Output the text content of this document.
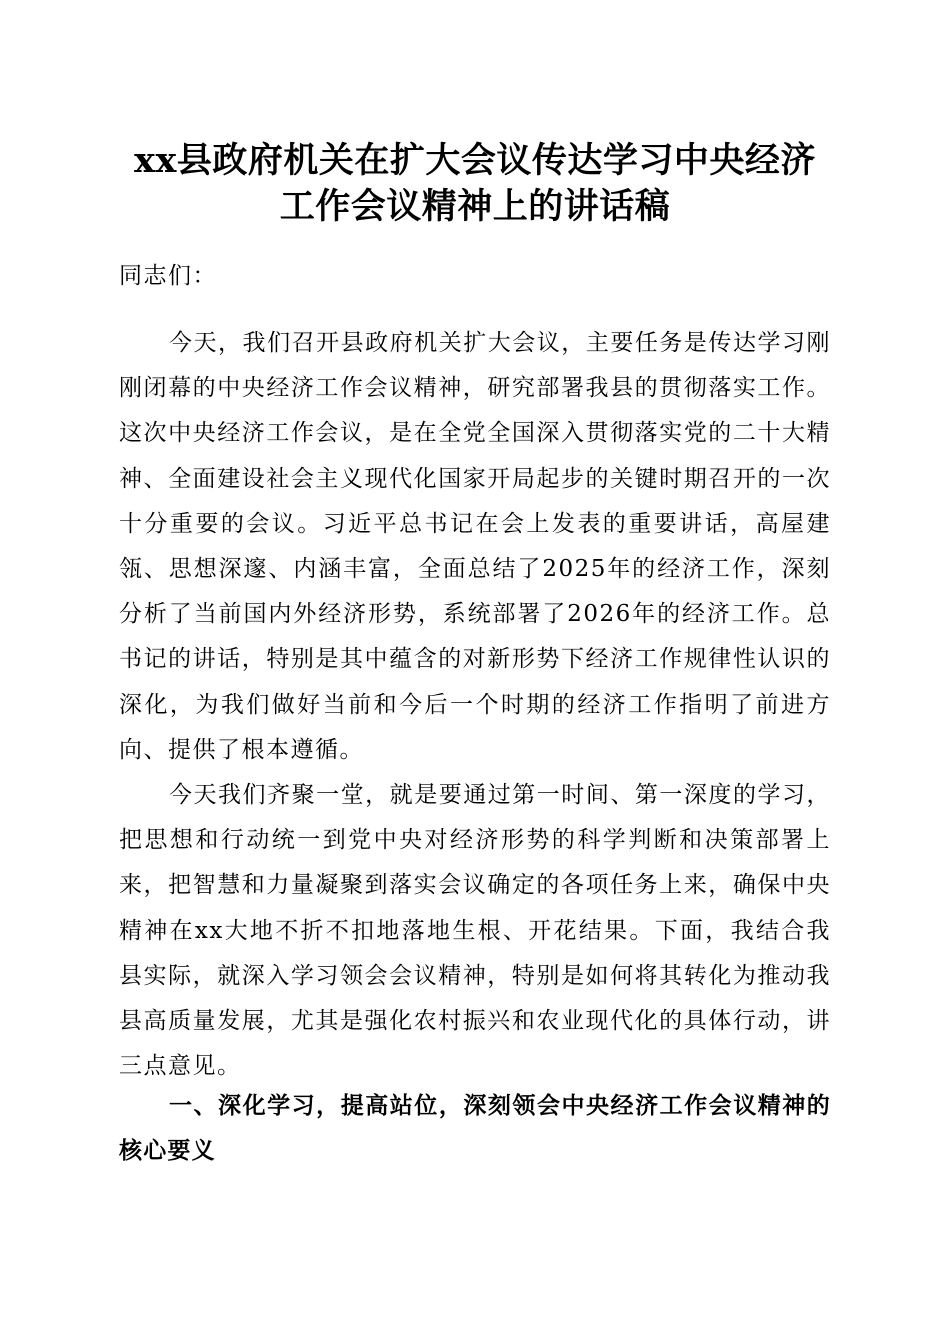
xx县政府机关在扩大会议传达学习中央经济
工作会议精神上的讲话稿

同志们：

今天，我们召开县政府机关扩大会议，主要任务是传达学习刚刚闭幕的中央经济工作会议精神，研究部署我县的贯彻落实工作。这次中央经济工作会议，是在全党全国深入贯彻落实党的二十大精神、全面建设社会主义现代化国家开局起步的关键时期召开的一次十分重要的会议。习近平总书记在会上发表的重要讲话，高屋建瓴、思想深邃、内涵丰富，全面总结了2025年的经济工作，深刻分析了当前国内外经济形势，系统部署了2026年的经济工作。总书记的讲话，特别是其中蕴含的对新形势下经济工作规律性认识的深化，为我们做好当前和今后一个时期的经济工作指明了前进方向、提供了根本遵循。

今天我们齐聚一堂，就是要通过第一时间、第一深度的学习，把思想和行动统一到党中央对经济形势的科学判断和决策部署上来，把智慧和力量凝聚到落实会议确定的各项任务上来，确保中央精神在xx大地不折不扣地落地生根、开花结果。下面，我结合我县实际，就深入学习领会会议精神，特别是如何将其转化为推动我县高质量发展，尤其是强化农村振兴和农业现代化的具体行动，讲三点意见。

一、深化学习，提高站位，深刻领会中央经济工作会议精神的核心要义
